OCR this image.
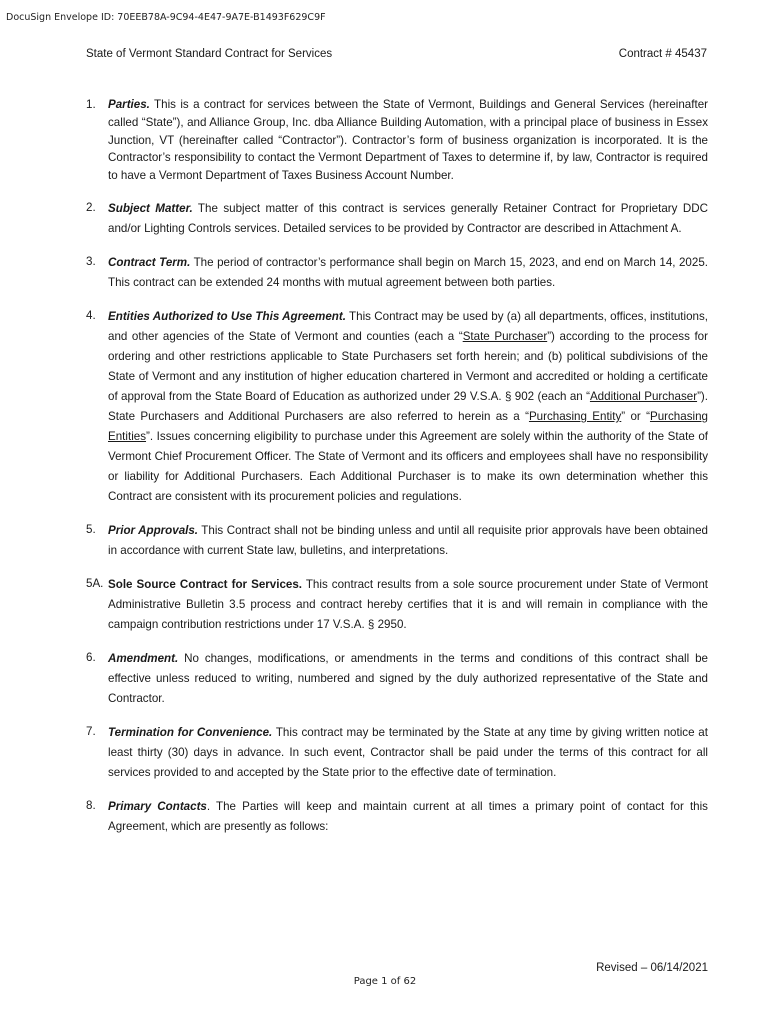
DocuSign Envelope ID: 70EEB78A-9C94-4E47-9A7E-B1493F629C9F
State of Vermont Standard Contract for Services	Contract # 45437
1.	Parties. This is a contract for services between the State of Vermont, Buildings and General Services (hereinafter called “State”), and Alliance Group, Inc. dba Alliance Building Automation, with a principal place of business in Essex Junction, VT (hereinafter called “Contractor”). Contractor’s form of business organization is incorporated. It is the Contractor’s responsibility to contact the Vermont Department of Taxes to determine if, by law, Contractor is required to have a Vermont Department of Taxes Business Account Number.
2.	Subject Matter. The subject matter of this contract is services generally Retainer Contract for Proprietary DDC and/or Lighting Controls services. Detailed services to be provided by Contractor are described in Attachment A.
3.	Contract Term. The period of contractor’s performance shall begin on March 15, 2023, and end on March 14, 2025. This contract can be extended 24 months with mutual agreement between both parties.
4.	Entities Authorized to Use This Agreement. This Contract may be used by (a) all departments, offices, institutions, and other agencies of the State of Vermont and counties (each a “State Purchaser”) according to the process for ordering and other restrictions applicable to State Purchasers set forth herein; and (b) political subdivisions of the State of Vermont and any institution of higher education chartered in Vermont and accredited or holding a certificate of approval from the State Board of Education as authorized under 29 V.S.A. § 902 (each an “Additional Purchaser”). State Purchasers and Additional Purchasers are also referred to herein as a “Purchasing Entity” or “Purchasing Entities”. Issues concerning eligibility to purchase under this Agreement are solely within the authority of the State of Vermont Chief Procurement Officer. The State of Vermont and its officers and employees shall have no responsibility or liability for Additional Purchasers. Each Additional Purchaser is to make its own determination whether this Contract are consistent with its procurement policies and regulations.
5.	Prior Approvals. This Contract shall not be binding unless and until all requisite prior approvals have been obtained in accordance with current State law, bulletins, and interpretations.
5A. Sole Source Contract for Services. This contract results from a sole source procurement under State of Vermont Administrative Bulletin 3.5 process and contract hereby certifies that it is and will remain in compliance with the campaign contribution restrictions under 17 V.S.A. § 2950.
6.	Amendment. No changes, modifications, or amendments in the terms and conditions of this contract shall be effective unless reduced to writing, numbered and signed by the duly authorized representative of the State and Contractor.
7.	Termination for Convenience. This contract may be terminated by the State at any time by giving written notice at least thirty (30) days in advance. In such event, Contractor shall be paid under the terms of this contract for all services provided to and accepted by the State prior to the effective date of termination.
8.	Primary Contacts. The Parties will keep and maintain current at all times a primary point of contact for this Agreement, which are presently as follows:
Revised – 06/14/2021
Page 1 of 62
